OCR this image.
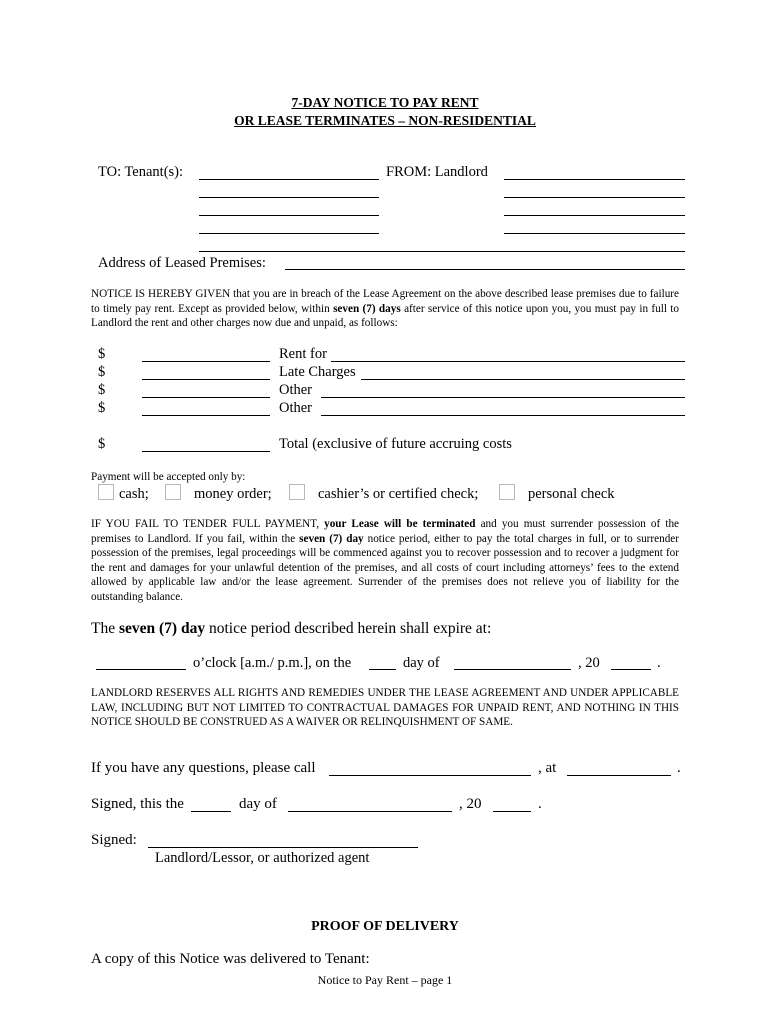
7-DAY NOTICE TO PAY RENT
OR LEASE TERMINATES – NON-RESIDENTIAL
TO: Tenant(s):	FROM: Landlord
Address of Leased Premises:
NOTICE IS HEREBY GIVEN that you are in breach of the Lease Agreement on the above described lease premises due to failure to timely pay rent. Except as provided below, within seven (7) days after service of this notice upon you, you must pay in full to Landlord the rent and other charges now due and unpaid, as follows:
$	Rent for
$	Late Charges
$	Other
$	Other
$	Total (exclusive of future accruing costs
Payment will be accepted only by:
cash;	money order;	cashier’s or certified check;	personal check
IF YOU FAIL TO TENDER FULL PAYMENT, your Lease will be terminated and you must surrender possession of the premises to Landlord. If you fail, within the seven (7) day notice period, either to pay the total charges in full, or to surrender possession of the premises, legal proceedings will be commenced against you to recover possession and to recover a judgment for the rent and damages for your unlawful detention of the premises, and all costs of court including attorneys’ fees to the extend allowed by applicable law and/or the lease agreement. Surrender of the premises does not relieve you of liability for the outstanding balance.
The seven (7) day notice period described herein shall expire at:
o’clock [a.m./ p.m.], on the	day of	, 20	.
LANDLORD RESERVES ALL RIGHTS AND REMEDIES UNDER THE LEASE AGREEMENT AND UNDER APPLICABLE LAW, INCLUDING BUT NOT LIMITED TO CONTRACTUAL DAMAGES FOR UNPAID RENT, AND NOTHING IN THIS NOTICE SHOULD BE CONSTRUED AS A WAIVER OR RELINQUISHMENT OF SAME.
If you have any questions, please call	, at	.
Signed, this the	day of	, 20	.
Signed:
Landlord/Lessor, or authorized agent
PROOF OF DELIVERY
A copy of this Notice was delivered to Tenant:
Notice to Pay Rent – page 1
